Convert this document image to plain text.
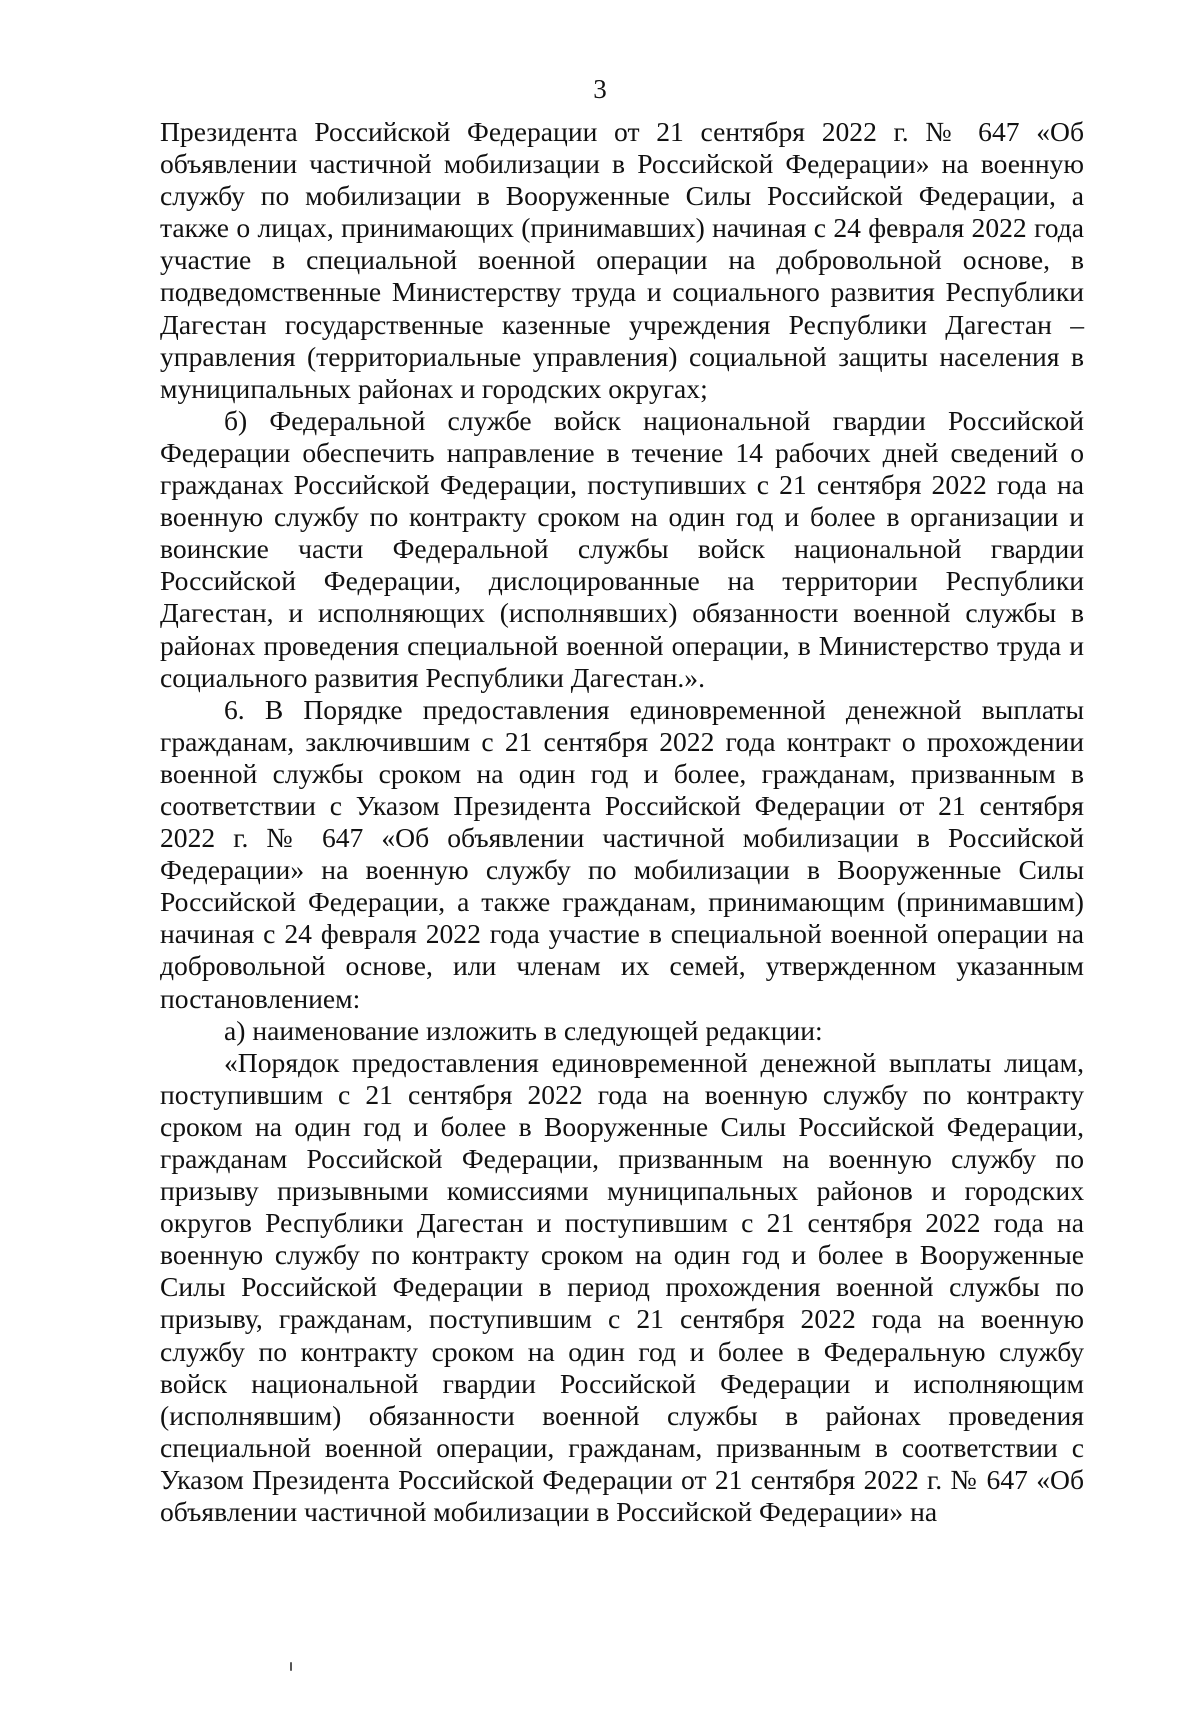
3

Президента Российской Федерации от 21 сентября 2022 г. № 647 «Об объявлении частичной мобилизации в Российской Федерации» на военную службу по мобилизации в Вооруженные Силы Российской Федерации, а также о лицах, принимающих (принимавших) начиная с 24 февраля 2022 года участие в специальной военной операции на добровольной основе, в подведомственные Министерству труда и социального развития Республики Дагестан государственные казенные учреждения Республики Дагестан – управления (территориальные управления) социальной защиты населения в муниципальных районах и городских округах;

б) Федеральной службе войск национальной гвардии Российской Федерации обеспечить направление в течение 14 рабочих дней сведений о гражданах Российской Федерации, поступивших с 21 сентября 2022 года на военную службу по контракту сроком на один год и более в организации и воинские части Федеральной службы войск национальной гвардии Российской Федерации, дислоцированные на территории Республики Дагестан, и исполняющих (исполнявших) обязанности военной службы в районах проведения специальной военной операции, в Министерство труда и социального развития Республики Дагестан.».

6. В Порядке предоставления единовременной денежной выплаты гражданам, заключившим с 21 сентября 2022 года контракт о прохождении военной службы сроком на один год и более, гражданам, призванным в соответствии с Указом Президента Российской Федерации от 21 сентября 2022 г. № 647 «Об объявлении частичной мобилизации в Российской Федерации» на военную службу по мобилизации в Вооруженные Силы Российской Федерации, а также гражданам, принимающим (принимавшим) начиная с 24 февраля 2022 года участие в специальной военной операции на добровольной основе, или членам их семей, утвержденном указанным постановлением:

а) наименование изложить в следующей редакции:

«Порядок предоставления единовременной денежной выплаты лицам, поступившим с 21 сентября 2022 года на военную службу по контракту сроком на один год и более в Вооруженные Силы Российской Федерации, гражданам Российской Федерации, призванным на военную службу по призыву призывными комиссиями муниципальных районов и городских округов Республики Дагестан и поступившим с 21 сентября 2022 года на военную службу по контракту сроком на один год и более в Вооруженные Силы Российской Федерации в период прохождения военной службы по призыву, гражданам, поступившим с 21 сентября 2022 года на военную службу по контракту сроком на один год и более в Федеральную службу войск национальной гвардии Российской Федерации и исполняющим (исполнявшим) обязанности военной службы в районах проведения специальной военной операции, гражданам, призванным в соответствии с Указом Президента Российской Федерации от 21 сентября 2022 г. № 647 «Об объявлении частичной мобилизации в Российской Федерации» на
